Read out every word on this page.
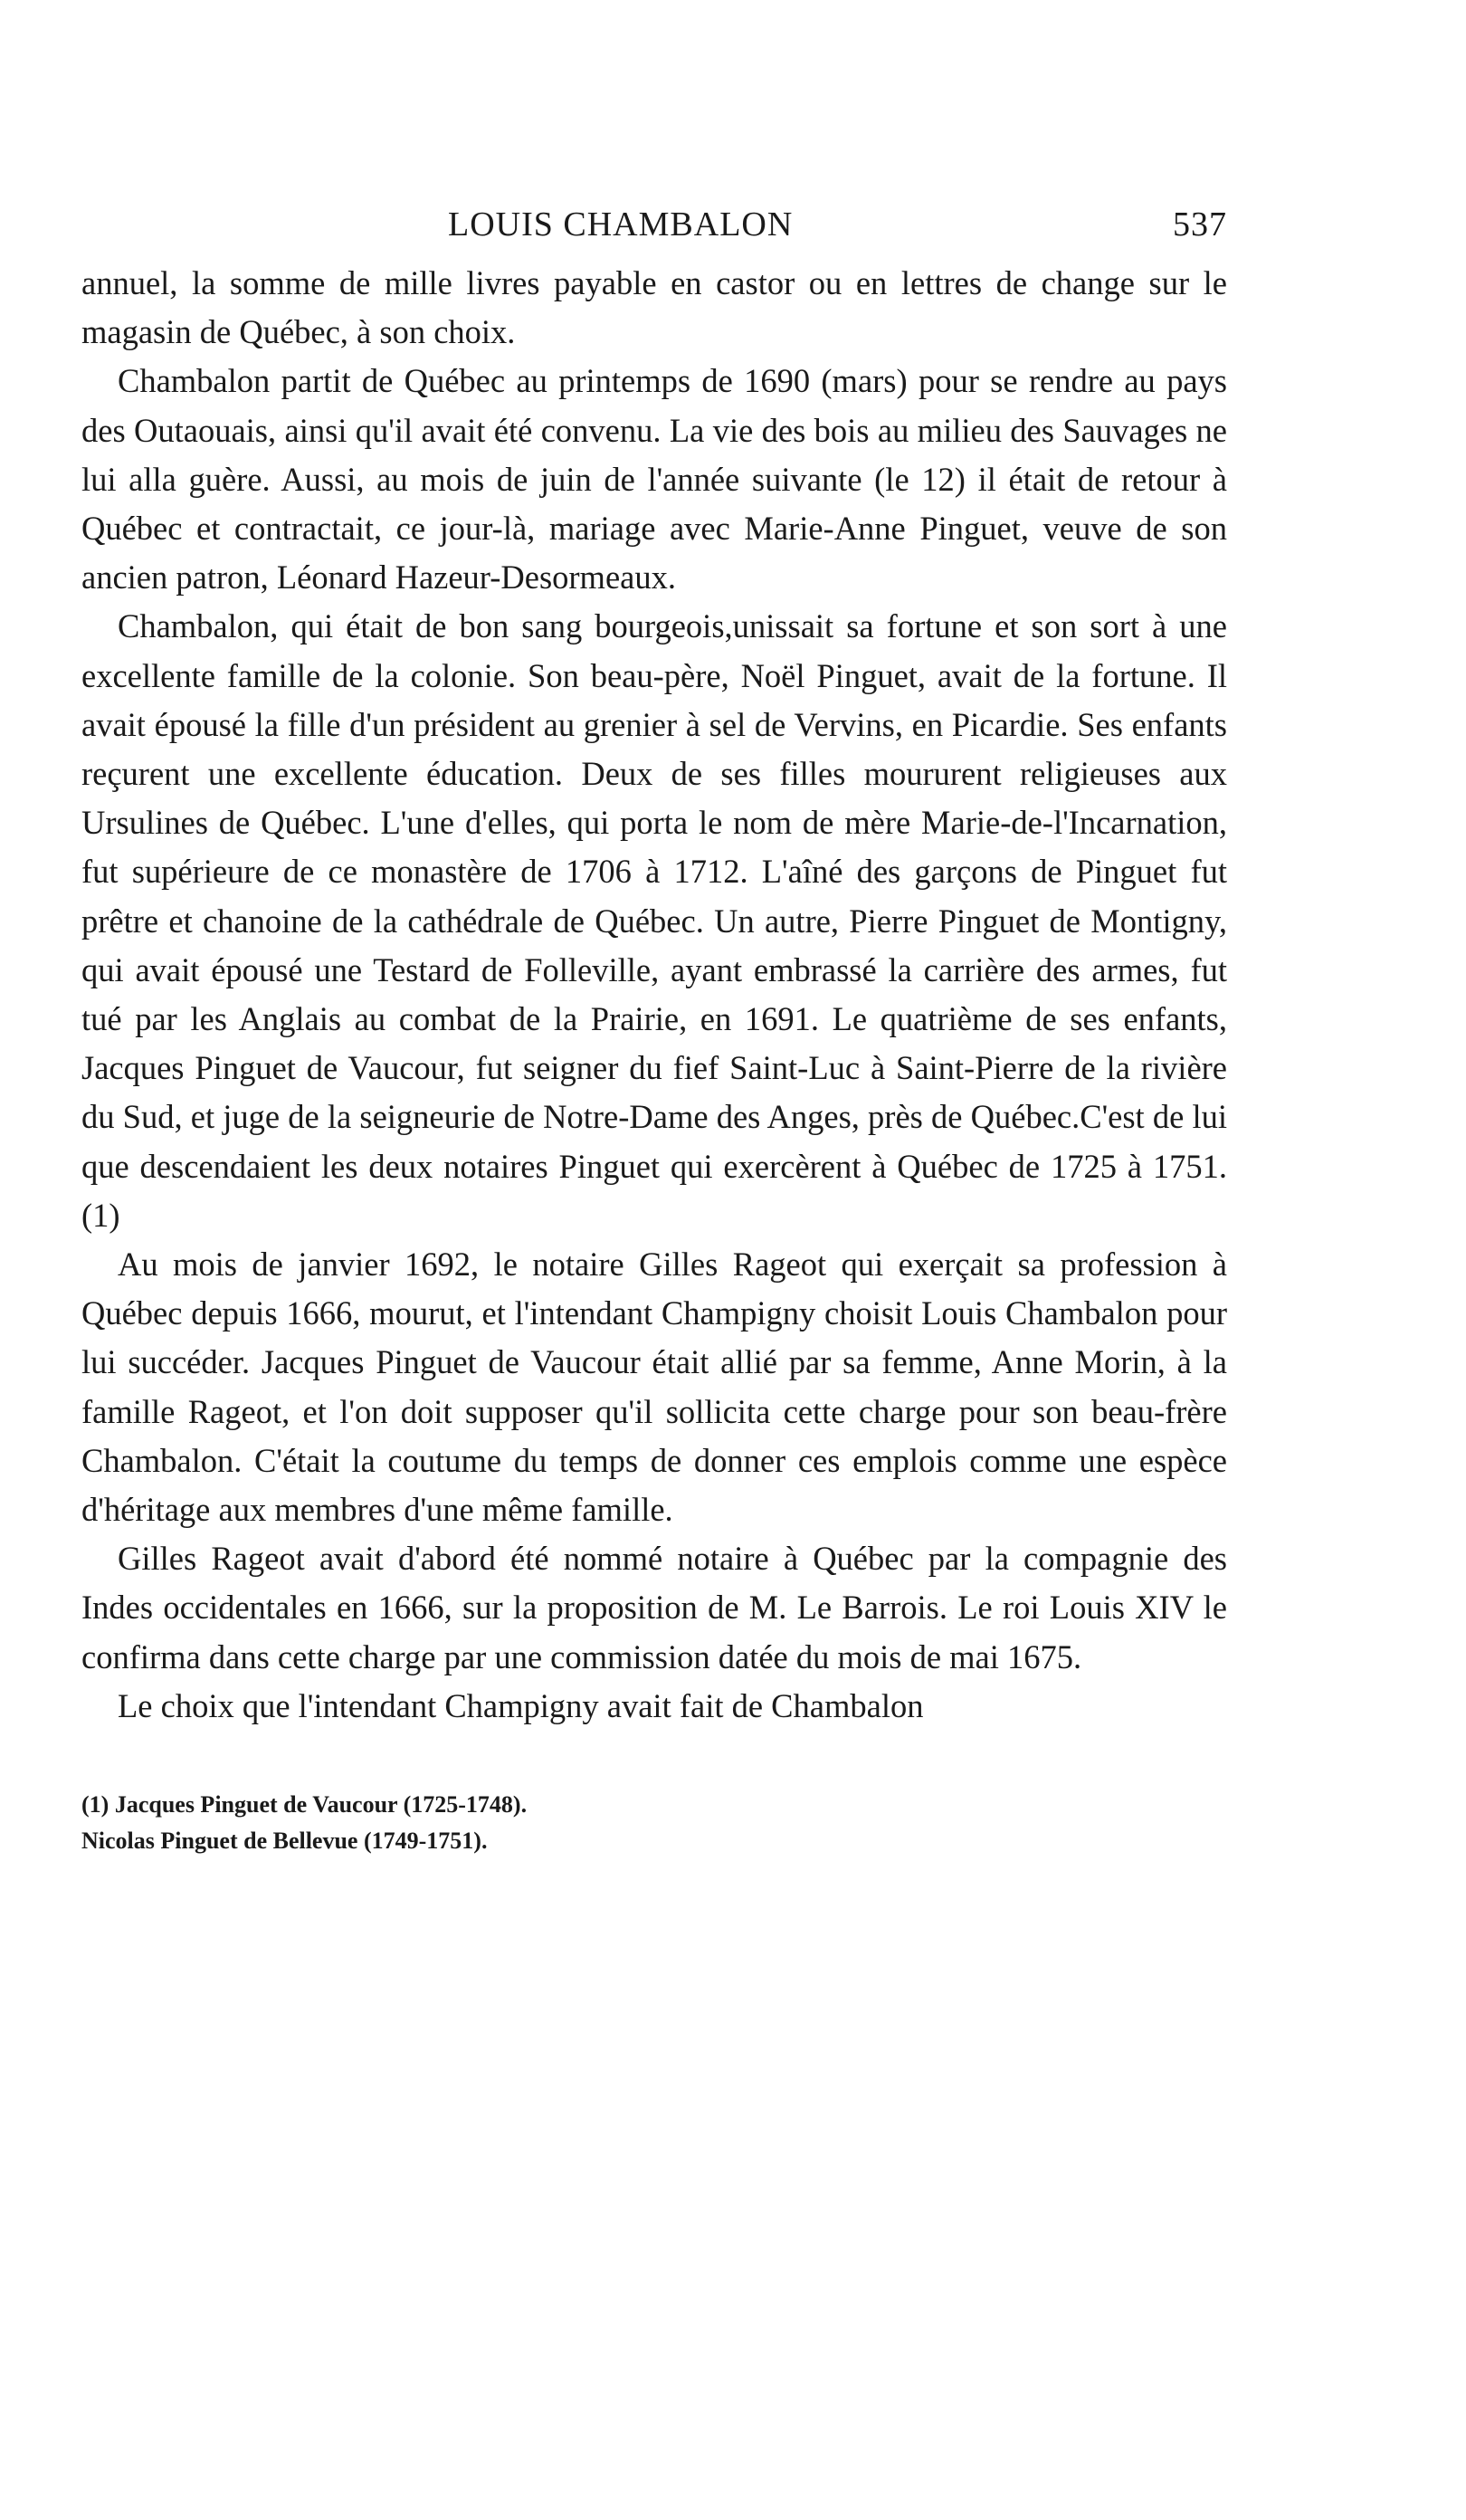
LOUIS CHAMBALON	537

annuel, la somme de mille livres payable en castor ou en lettres de change sur le magasin de Québec, à son choix.

Chambalon partit de Québec au printemps de 1690 (mars) pour se rendre au pays des Outaouais, ainsi qu'il avait été convenu. La vie des bois au milieu des Sauvages ne lui alla guère. Aussi, au mois de juin de l'année suivante (le 12) il était de retour à Québec et contractait, ce jour-là, mariage avec Marie-Anne Pinguet, veuve de son ancien patron, Léonard Hazeur-Desormeaux.

Chambalon, qui était de bon sang bourgeois,unissait sa fortune et son sort à une excellente famille de la colonie. Son beau-père, Noël Pinguet, avait de la fortune. Il avait épousé la fille d'un président au grenier à sel de Vervins, en Picardie. Ses enfants reçurent une excellente éducation. Deux de ses filles moururent religieuses aux Ursulines de Québec. L'une d'elles, qui porta le nom de mère Marie-de-l'Incarnation, fut supérieure de ce monastère de 1706 à 1712. L'aîné des garçons de Pinguet fut prêtre et chanoine de la cathédrale de Québec. Un autre, Pierre Pinguet de Montigny, qui avait épousé une Testard de Folleville, ayant embrassé la carrière des armes, fut tué par les Anglais au combat de la Prairie, en 1691. Le quatrième de ses enfants, Jacques Pinguet de Vaucour, fut seigner du fief Saint-Luc à Saint-Pierre de la rivière du Sud, et juge de la seigneurie de Notre-Dame des Anges, près de Québec.C'est de lui que descendaient les deux notaires Pinguet qui exercèrent à Québec de 1725 à 1751. (1)

Au mois de janvier 1692, le notaire Gilles Rageot qui exerçait sa profession à Québec depuis 1666, mourut, et l'intendant Champigny choisit Louis Chambalon pour lui succéder. Jacques Pinguet de Vaucour était allié par sa femme, Anne Morin, à la famille Rageot, et l'on doit supposer qu'il sollicita cette charge pour son beau-frère Chambalon. C'était la coutume du temps de donner ces emplois comme une espèce d'héritage aux membres d'une même famille.

Gilles Rageot avait d'abord été nommé notaire à Québec par la compagnie des Indes occidentales en 1666, sur la proposition de M. Le Barrois. Le roi Louis XIV le confirma dans cette charge par une commission datée du mois de mai 1675.

Le choix que l'intendant Champigny avait fait de Chambalon

(1) Jacques Pinguet de Vaucour (1725-1748).
Nicolas Pinguet de Bellevue (1749-1751).
